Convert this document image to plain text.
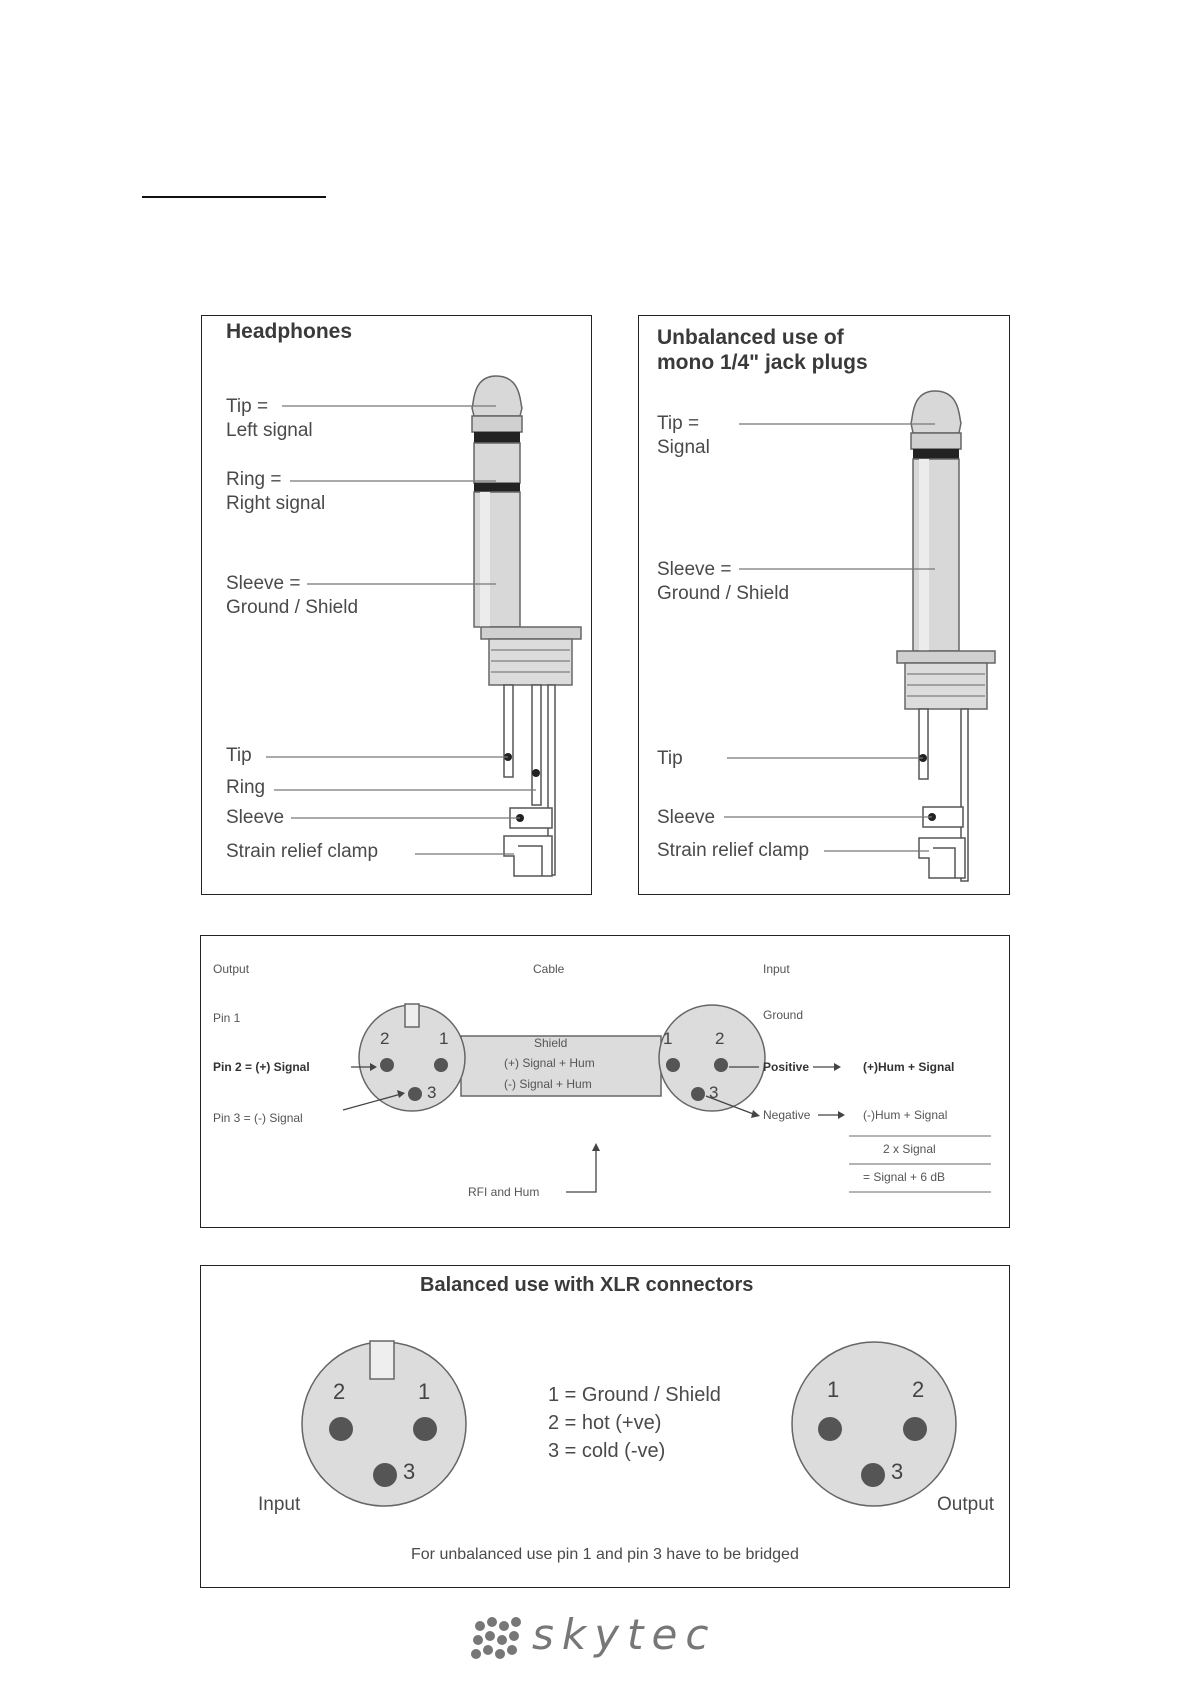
Headphones
Tip =
Left signal
Ring =
Right signal
Sleeve =
Ground / Shield
Tip
Ring
Sleeve
Strain relief clamp
Unbalanced use of
mono 1/4" jack plugs
Tip =
Signal
Sleeve =
Ground / Shield
Tip
Sleeve
Strain relief clamp
Output	Cable	Input
Pin 1	Ground
Pin 2 = (+) Signal
Pin 3 = (-) Signal
Shield
(+) Signal + Hum
(-) Signal + Hum
Positive
Negative
(+)Hum + Signal
(-)Hum + Signal
2 x Signal
= Signal + 6 dB
RFI and Hum
2	1
3
1	2
3
Balanced use with XLR connectors
1 = Ground / Shield
2 = hot (+ve)
3 = cold (-ve)
Input	Output
For unbalanced use pin 1 and pin 3 have to be bridged
2	1
3
1	2
3
skytec
